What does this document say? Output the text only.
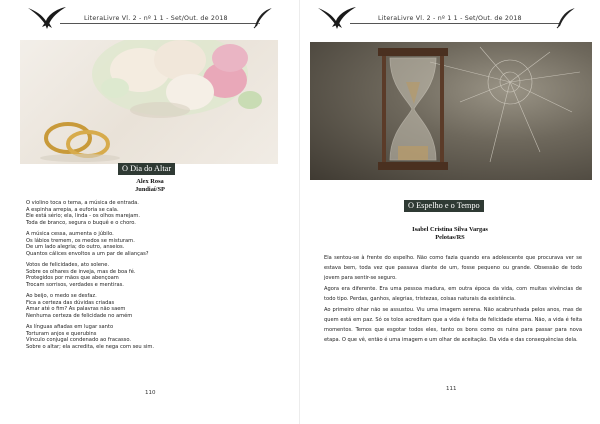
LiteraLivre Vl. 2 - nº 1 1 - Set/Out. de 2018
O Dia do Altar
Alex Rosa
Jundiaí/SP
O violino toca o tema, a música de entrada.
A espinha arrepia, a euforia se cala.
Ele está sério; ela, linda - os olhos marejam.
Toda de branco, segura o buquê e o choro.
A música cessa, aumenta o júbilo.
Os lábios tremem, os medos se misturam.
De um lado alegria; do outro, anseios.
Quantos cálices envoltos a um par de alianças?
Votos de felicidades, ato solene.
Sobre os olhares de inveja, mas de boa fé.
Protegidos por mãos que abençoam
Trocam sorrisos, verdades e mentiras.
Ao beijo, o medo se desfaz.
Fica a certeza das dúvidas criadas
Amar até o fim? As palavras não saem
Nenhuma certeza de felicidade no amém
As línguas afiadas em lugar santo
Torturam anjos e querubins
Vínculo conjugal condenado ao fracasso.
Sobre o altar; ela acredita, ele nega com seu sim.
110
LiteraLivre Vl. 2 - nº 1 1 - Set/Out. de 2018
O Espelho e o Tempo
Isabel Cristina Silva Vargas
Pelotas/RS
111

Ela sentou-se à frente do espelho. Não como fazia quando era adolescente que procurava ver se estava bem, toda vez que passava diante de um, fosse pequeno ou grande. Obsessão de todo jovem para sentir-se seguro.

Agora era diferente. Era uma pessoa madura, em outra época da vida, com muitas vivências de todo tipo. Perdas, ganhos, alegrias, tristezas, coisas naturais da existência.

Ao primeiro olhar não se assustou. Viu uma imagem serena. Não acabrunhada pelos anos, mas de quem está em paz. Só os tolos acreditam que a vida é feita de felicidade eterna. Não, a vida é feita momentos. Temos que esgotar todos eles, tanto os bons como os ruins para passar para nova etapa. O que vê, então é uma imagem e um olhar de aceitação. Da vida e das consequências dela.
